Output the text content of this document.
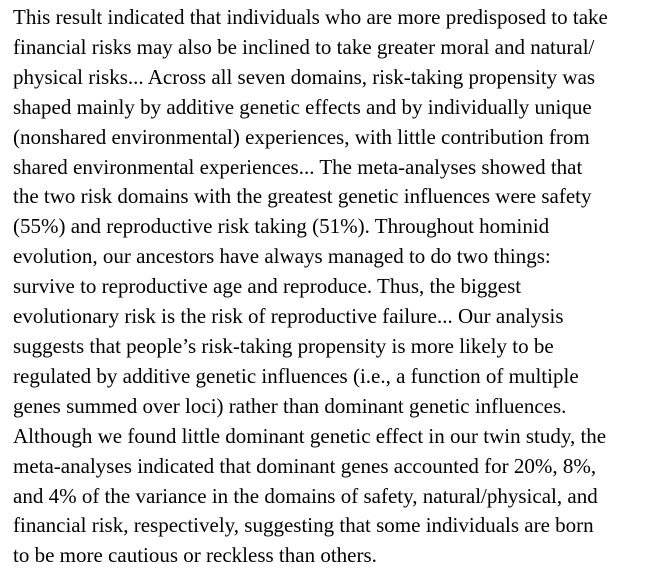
This result indicated that individuals who are more predisposed to take
financial risks may also be inclined to take greater moral and natural/
physical risks... Across all seven domains, risk-taking propensity was
shaped mainly by additive genetic effects and by individually unique
(nonshared environmental) experiences, with little contribution from
shared environmental experiences... The meta-analyses showed that
the two risk domains with the greatest genetic influences were safety
(55%) and reproductive risk taking (51%). Throughout hominid
evolution, our ancestors have always managed to do two things:
survive to reproductive age and reproduce. Thus, the biggest
evolutionary risk is the risk of reproductive failure... Our analysis
suggests that people’s risk-taking propensity is more likely to be
regulated by additive genetic influences (i.e., a function of multiple
genes summed over loci) rather than dominant genetic influences.
Although we found little dominant genetic effect in our twin study, the
meta-analyses indicated that dominant genes accounted for 20%, 8%,
and 4% of the variance in the domains of safety, natural/physical, and
financial risk, respectively, suggesting that some individuals are born
to be more cautious or reckless than others.
